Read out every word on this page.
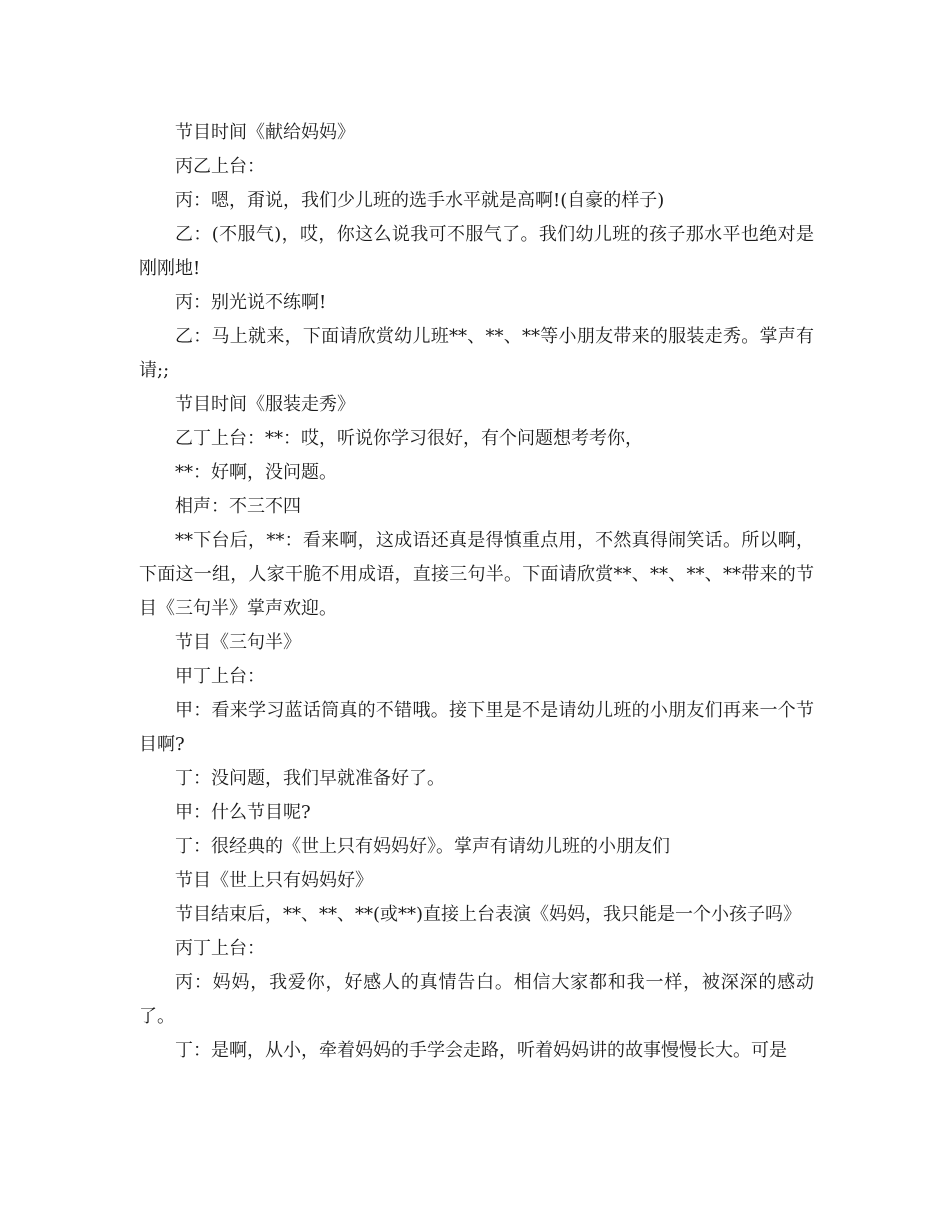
节目时间《献给妈妈》

丙乙上台：

丙：嗯，甭说，我们少儿班的选手水平就是高啊!(自豪的样子)

乙：(不服气)，哎，你这么说我可不服气了。我们幼儿班的孩子那水平也绝对是刚刚地!

丙：别光说不练啊!

乙：马上就来，下面请欣赏幼儿班**、**、**等小朋友带来的服装走秀。掌声有请;;

节目时间《服装走秀》

乙丁上台：**：哎，听说你学习很好，有个问题想考考你，

**：好啊，没问题。

相声：不三不四

**下台后，**：看来啊，这成语还真是得慎重点用，不然真得闹笑话。所以啊，下面这一组，人家干脆不用成语，直接三句半。下面请欣赏**、**、**、**带来的节目《三句半》掌声欢迎。

节目《三句半》

甲丁上台：

甲：看来学习蓝话筒真的不错哦。接下里是不是请幼儿班的小朋友们再来一个节目啊?

丁：没问题，我们早就准备好了。

甲：什么节目呢?

丁：很经典的《世上只有妈妈好》。掌声有请幼儿班的小朋友们

节目《世上只有妈妈好》

节目结束后，**、**、**(或**)直接上台表演《妈妈，我只能是一个小孩子吗》

丙丁上台：

丙：妈妈，我爱你，好感人的真情告白。相信大家都和我一样，被深深的感动了。

丁：是啊，从小，牵着妈妈的手学会走路，听着妈妈讲的故事慢慢长大。可是
